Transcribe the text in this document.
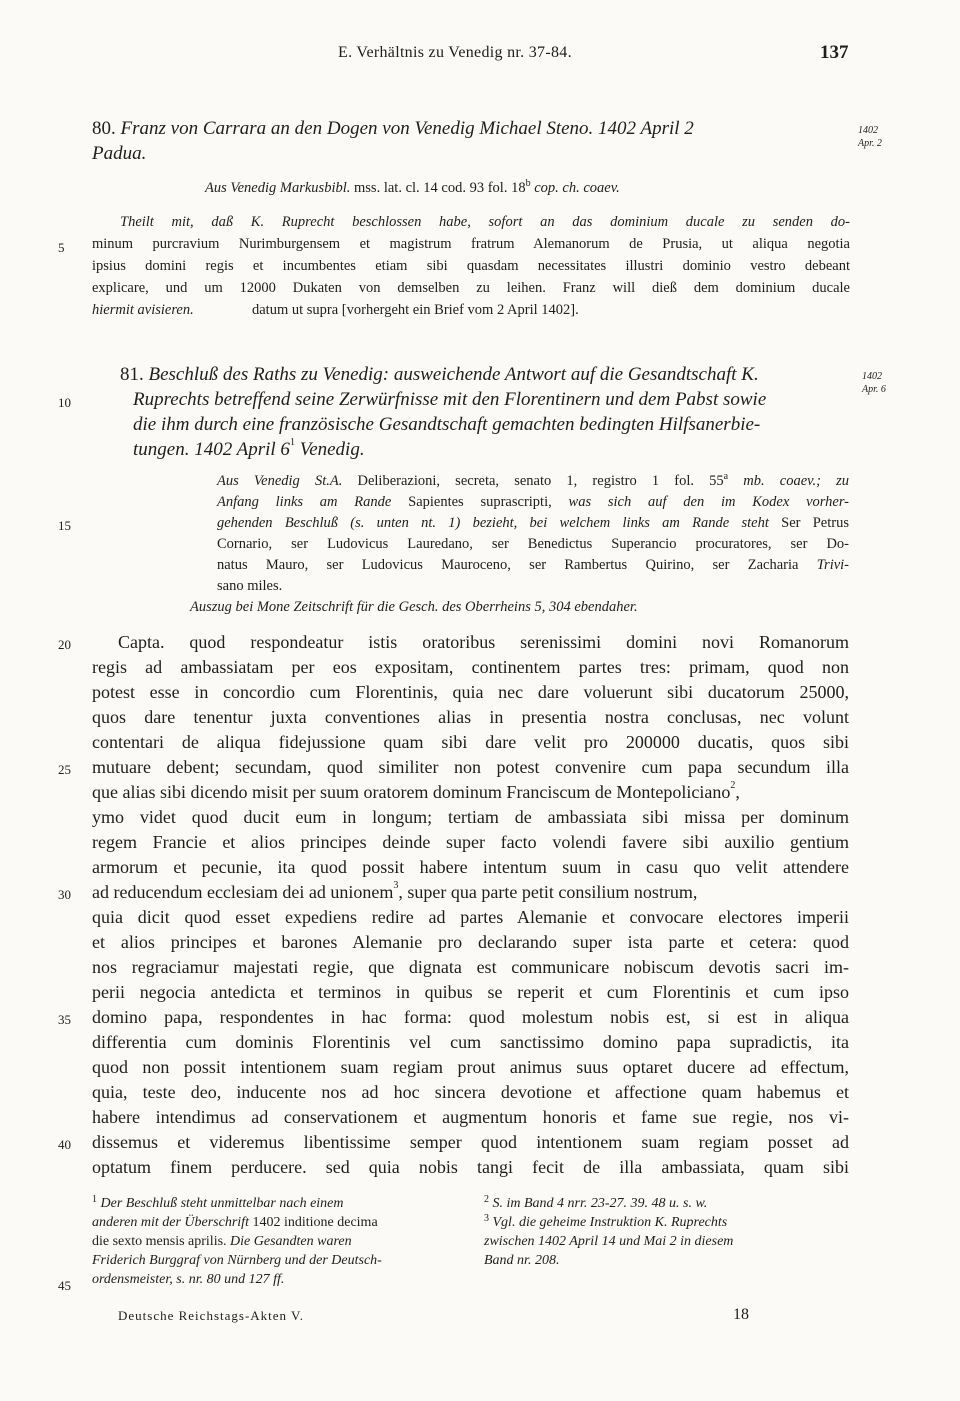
E. Verhältnis zu Venedig nr. 37-84.	137
80. Franz von Carrara an den Dogen von Venedig Michael Steno. 1402 April 2
Padua.
1402
Apr. 2
Aus Venedig Markusbibl. mss. lat. cl. 14 cod. 93 fol. 18$^b$ cop. ch. coaev.
Theilt mit, daß K. Ruprecht beschlossen habe, sofort an das dominium ducale zu senden do-
minum purcravium Nurimburgensem et magistrum fratrum Alemanorum de Prusia, ut aliqua negotia
ipsius domini regis et incumbentes etiam sibi quasdam necessitates illustri dominio vestro debeant
explicare, und um 12000 Dukaten von demselben zu leihen. Franz will dieß dem dominium ducale
hiermit avisieren.	datum ut supra [vorhergeht ein Brief vom 2 April 1402].
81. Beschluß des Raths zu Venedig: ausweichende Antwort auf die Gesandtschaft K.
Ruprechts betreffend seine Zerwürfnisse mit den Florentinern und dem Pabst sowie
die ihm durch eine französische Gesandtschaft gemachten bedingten Hilfsanerbie-
tungen. 1402 April $6^1$ Venedig.
1402
Apr. 6
Aus Venedig St.A. Deliberazioni, secreta, senato 1, registro 1 fol. 55$^a$ mb. coaev.; zu
Anfang links am Rande Sapientes suprascripti, was sich auf den im Kodex vorher-
gehenden Beschluß (s. unten nt. 1) bezieht, bei welchem links am Rande steht Ser Petrus
Cornario, ser Ludovicus Lauredano, ser Benedictus Superancio procuratores, ser Do-
natus Mauro, ser Ludovicus Mauroceno, ser Rambertus Quirino, ser Zacharia Trivi-
sano miles.
Auszug bei Mone Zeitschrift für die Gesch. des Oberrheins 5, 304 ebendaher.
Capta. quod respondeatur istis oratoribus serenissimi domini novi Romanorum
regis ad ambassiatam per eos expositam, continentem partes tres: primam, quod non
potest esse in concordio cum Florentinis, quia nec dare voluerunt sibi ducatorum 25000,
quos dare tenentur juxta conventiones alias in presentia nostra conclusas, nec volunt
contentari de aliqua fidejussione quam sibi dare velit pro 200000 ducatis, quos sibi
mutuare debent; secundam, quod similiter non potest convenire cum papa secundum illa
que alias sibi dicendo misit per suum oratorem dominum Franciscum de Montepoliciano$^2$,
ymo videt quod ducit eum in longum; tertiam de ambassiata sibi missa per dominum
regem Francie et alios principes deinde super facto volendi favere sibi auxilio gentium
armorum et pecunie, ita quod possit habere intentum suum in casu quo velit attendere
ad reducendum ecclesiam dei ad unionem$^3$, super qua parte petit consilium nostrum,
quia dicit quod esset expediens redire ad partes Alemanie et convocare electores imperii
et alios principes et barones Alemanie pro declarando super ista parte et cetera: quod
nos regraciamur majestati regie, que dignata est communicare nobiscum devotis sacri im-
perii negocia antedicta et terminos in quibus se reperit et cum Florentinis et cum ipso
domino papa, respondentes in hac forma: quod molestum nobis est, si est in aliqua
differentia cum dominis Florentinis vel cum sanctissimo domino papa supradictis, ita
quod non possit intentionem suam regiam prout animus suus optaret ducere ad effectum,
quia, teste deo, inducente nos ad hoc sincera devotione et affectione quam habemus et
habere intendimus ad conservationem et augmentum honoris et fame sue regie, nos vi-
dissemus et videremus libentissime semper quod intentionem suam regiam posset ad
optatum finem perducere. sed quia nobis tangi fecit de illa ambassiata, quam sibi
5
10
15
20
25
30
35
40
45
$^1$ Der Beschluß steht unmittelbar nach einem
anderen mit der Überschrift 1402 inditione decima
die sexto mensis aprilis. Die Gesandten waren
Friderich Burggraf von Nürnberg und der Deutsch-
ordensmeister, s. nr. 80 und 127 ff.
$^2$ S. im Band 4 nrr. 23-27. 39. 48 u. s. w.
$^3$ Vgl. die geheime Instruktion K. Ruprechts
zwischen 1402 April 14 und Mai 2 in diesem
Band nr. 208.
Deutsche Reichstags-Akten V.	18
